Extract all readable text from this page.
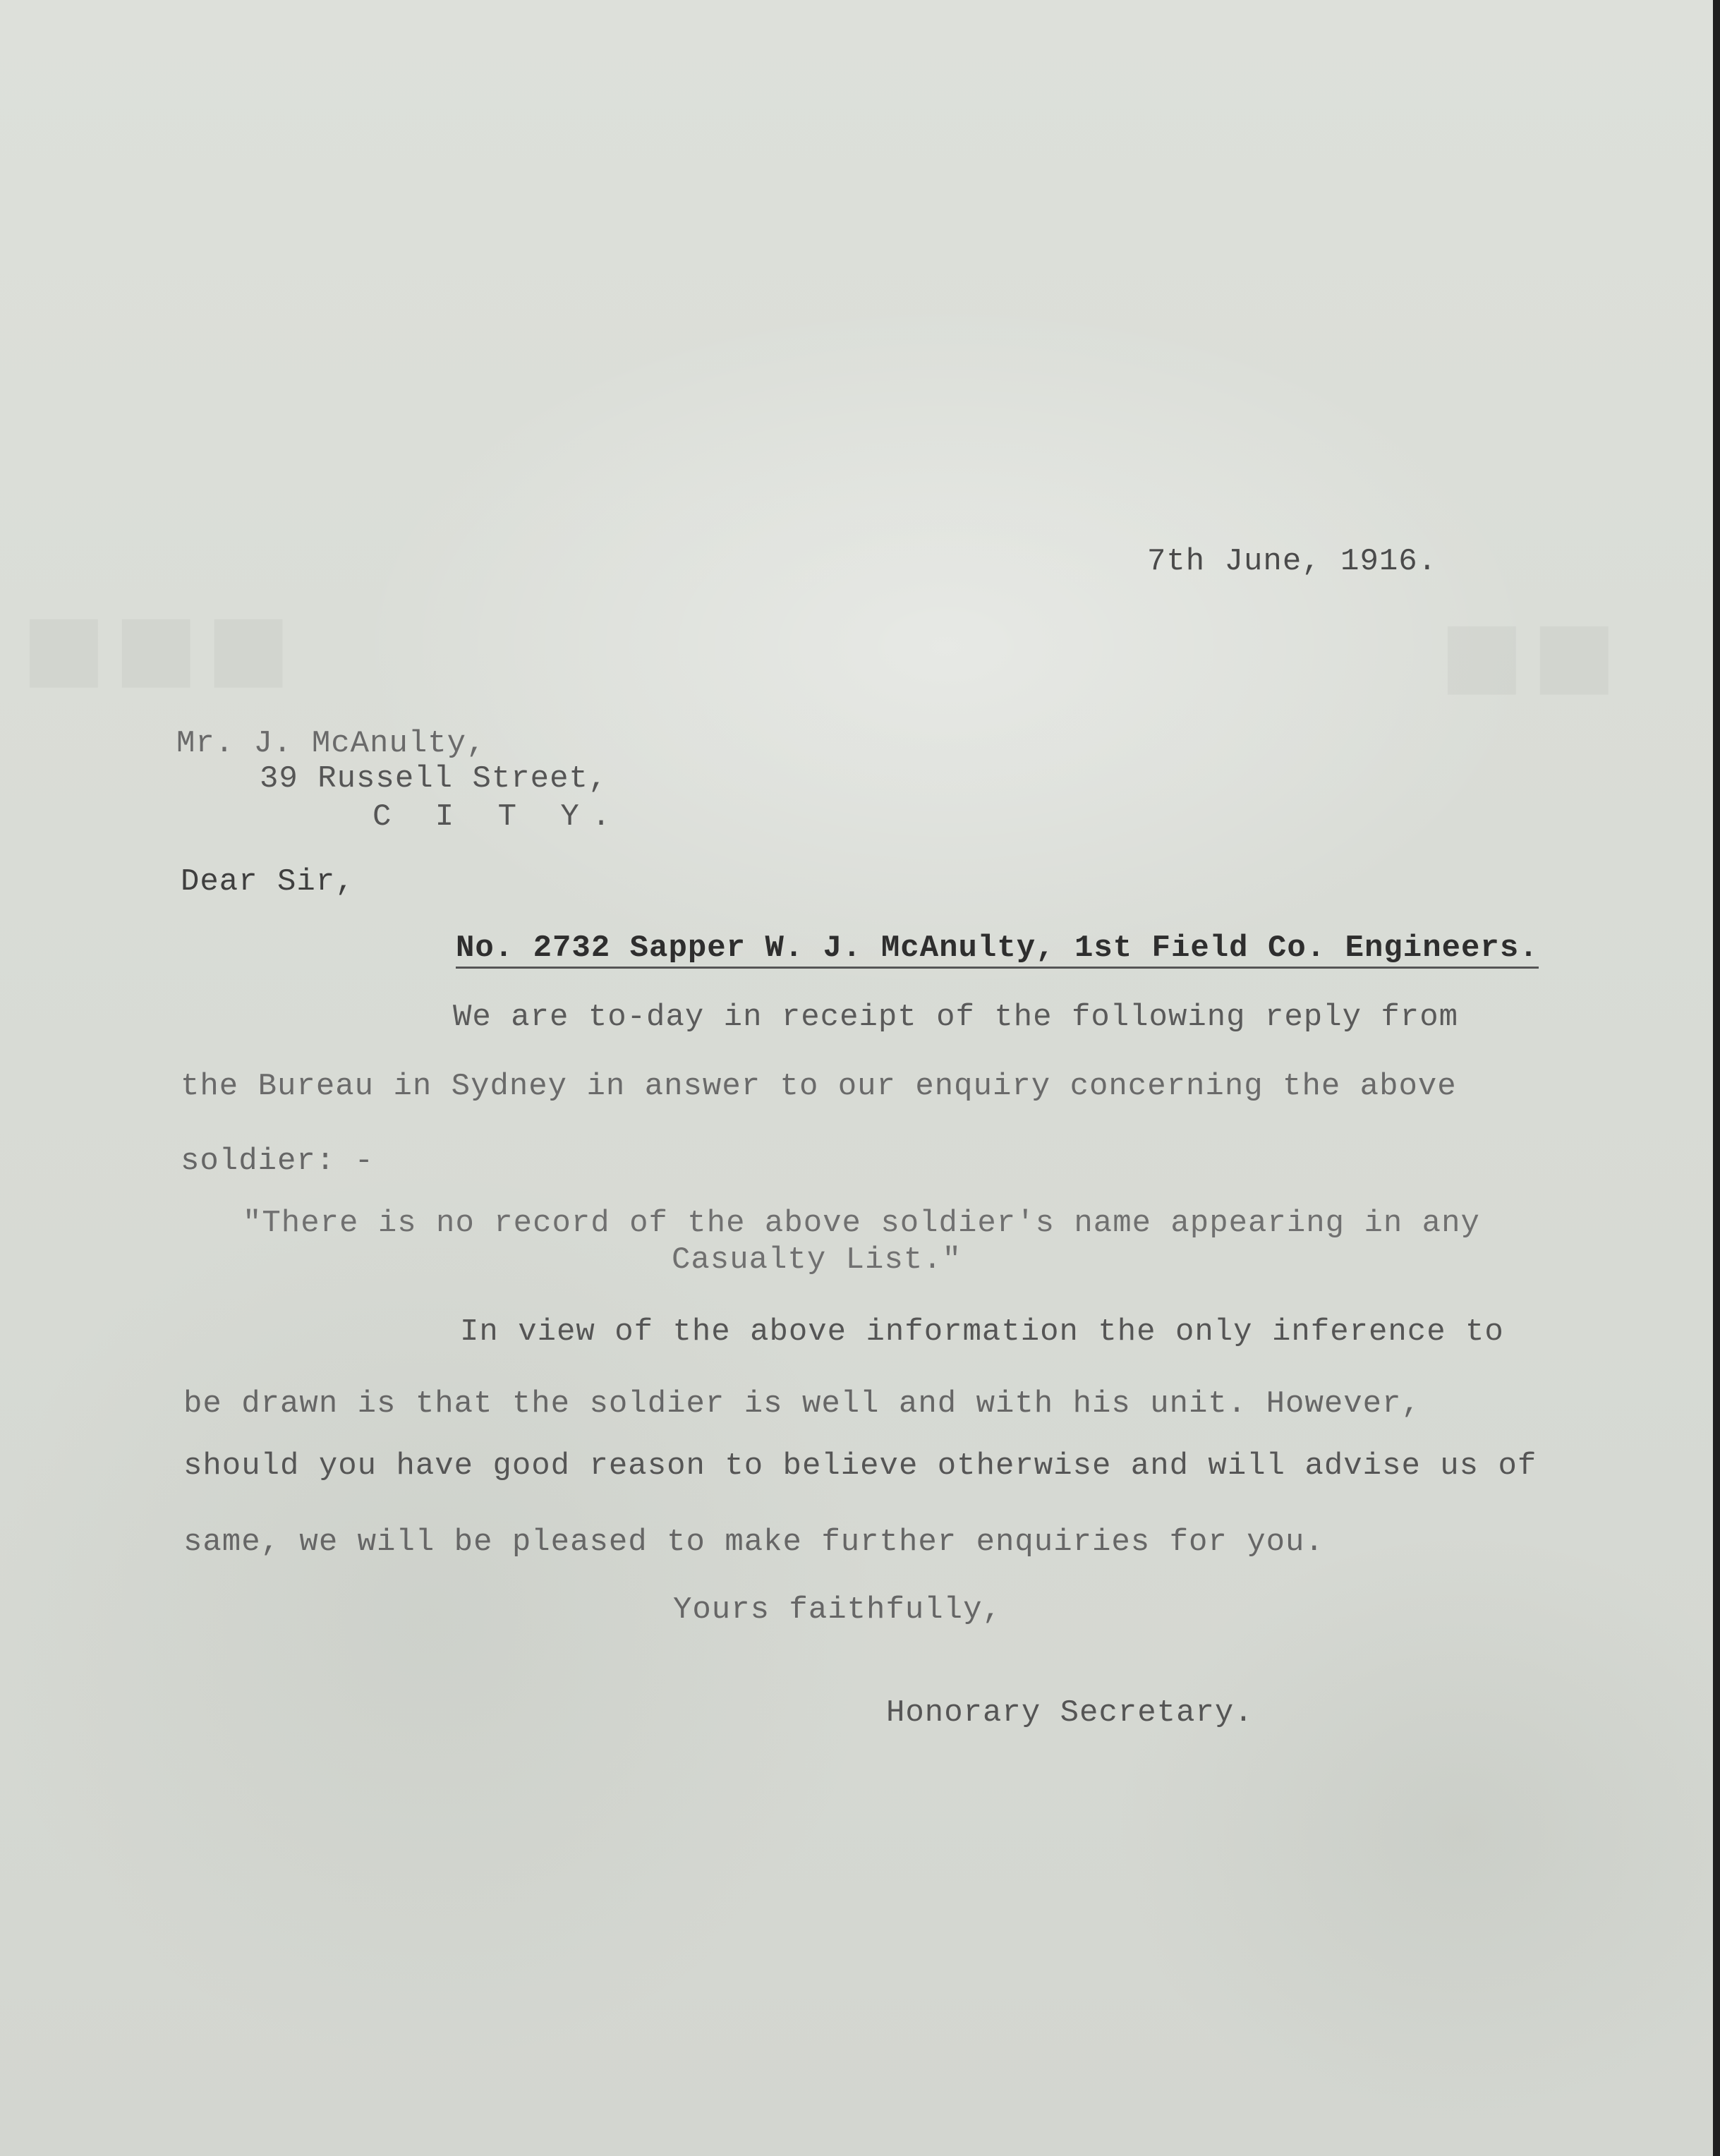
■■■	■■
7th June, 1916.
Mr. J. McAnulty,
39 Russell Street,
C I T Y.
Dear Sir,
No. 2732 Sapper W. J. McAnulty, 1st Field Co. Engineers.
We are to-day in receipt of the following reply from
the Bureau in Sydney in answer to our enquiry concerning the above
soldier: -
"There is no record of the above soldier's name appearing in any
Casualty List."
In view of the above information the only inference to
be drawn is that the soldier is well and with his unit. However,
should you have good reason to believe otherwise and will advise us of
same, we will be pleased to make further enquiries for you.
Yours faithfully,
Honorary Secretary.
